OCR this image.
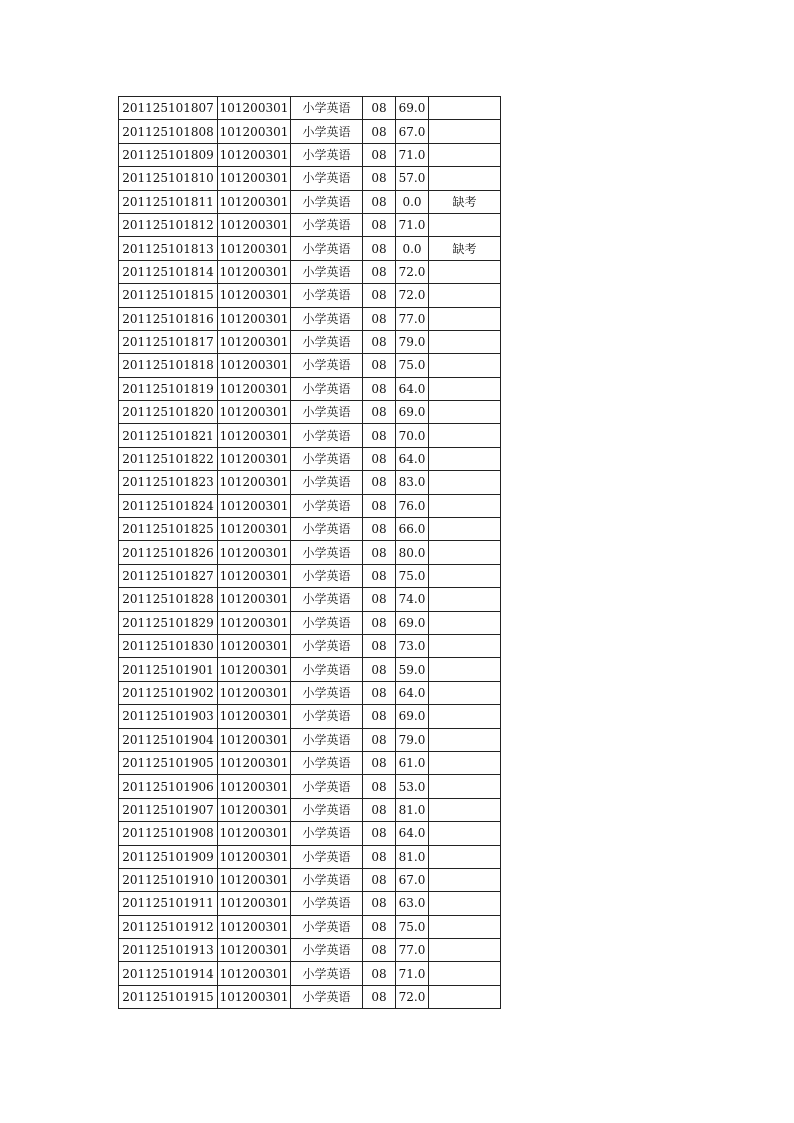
201125101807	101200301	小学英语	08	69.0	
201125101808	101200301	小学英语	08	67.0	
201125101809	101200301	小学英语	08	71.0	
201125101810	101200301	小学英语	08	57.0	
201125101811	101200301	小学英语	08	0.0	缺考
201125101812	101200301	小学英语	08	71.0	
201125101813	101200301	小学英语	08	0.0	缺考
201125101814	101200301	小学英语	08	72.0	
201125101815	101200301	小学英语	08	72.0	
201125101816	101200301	小学英语	08	77.0	
201125101817	101200301	小学英语	08	79.0	
201125101818	101200301	小学英语	08	75.0	
201125101819	101200301	小学英语	08	64.0	
201125101820	101200301	小学英语	08	69.0	
201125101821	101200301	小学英语	08	70.0	
201125101822	101200301	小学英语	08	64.0	
201125101823	101200301	小学英语	08	83.0	
201125101824	101200301	小学英语	08	76.0	
201125101825	101200301	小学英语	08	66.0	
201125101826	101200301	小学英语	08	80.0	
201125101827	101200301	小学英语	08	75.0	
201125101828	101200301	小学英语	08	74.0	
201125101829	101200301	小学英语	08	69.0	
201125101830	101200301	小学英语	08	73.0	
201125101901	101200301	小学英语	08	59.0	
201125101902	101200301	小学英语	08	64.0	
201125101903	101200301	小学英语	08	69.0	
201125101904	101200301	小学英语	08	79.0	
201125101905	101200301	小学英语	08	61.0	
201125101906	101200301	小学英语	08	53.0	
201125101907	101200301	小学英语	08	81.0	
201125101908	101200301	小学英语	08	64.0	
201125101909	101200301	小学英语	08	81.0	
201125101910	101200301	小学英语	08	67.0	
201125101911	101200301	小学英语	08	63.0	
201125101912	101200301	小学英语	08	75.0	
201125101913	101200301	小学英语	08	77.0	
201125101914	101200301	小学英语	08	71.0	
201125101915	101200301	小学英语	08	72.0	
